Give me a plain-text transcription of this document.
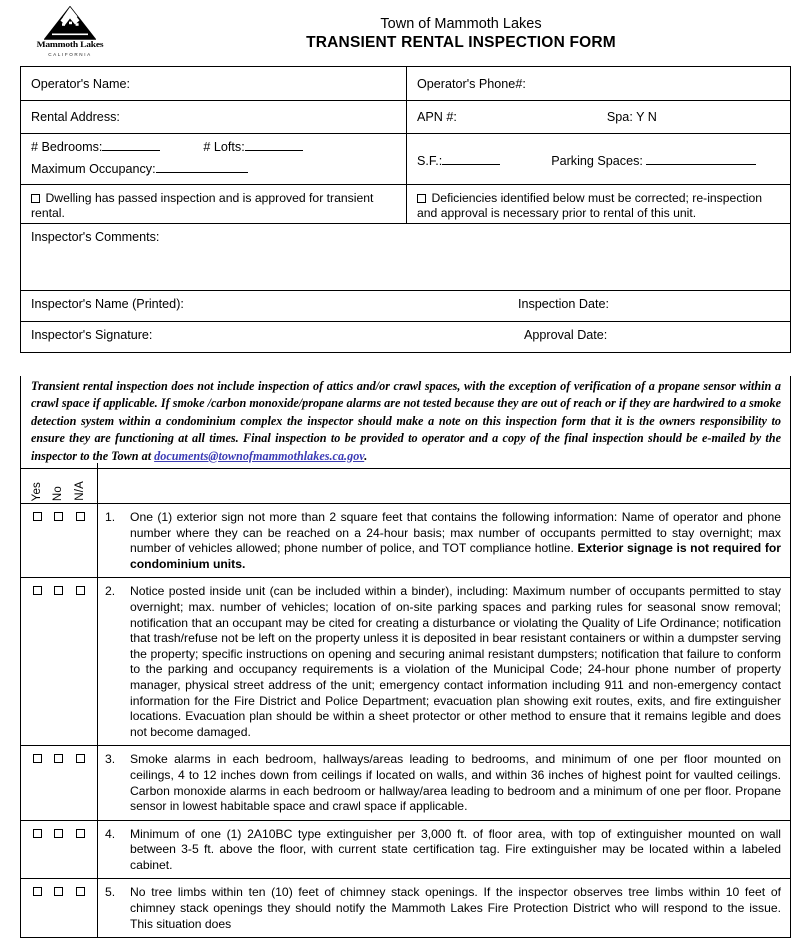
Mammoth Lakes
CALIFORNIA
Town of Mammoth Lakes
TRANSIENT RENTAL INSPECTION FORM
Operator's Name:	Operator's Phone#:
Rental Address:	APN #:	Spa: Y N
# Bedrooms:	# Lofts:
Maximum Occupancy:
S.F.:	Parking Spaces:
Dwelling has passed inspection and is approved for transient rental.
Deficiencies identified below must be corrected; re-inspection and approval is necessary prior to rental of this unit.
Inspector's Comments:
Inspector's Name (Printed):	Inspection Date:
Inspector's Signature:	Approval Date:
Transient rental inspection does not include inspection of attics and/or crawl spaces, with the exception of verification of a propane sensor within a crawl space if applicable. If smoke /carbon monoxide/propane alarms are not tested because they are out of reach or if they are hardwired to a smoke detection system within a condominium complex the inspector should make a note on this inspection form that it is the owners responsibility to ensure they are functioning at all times. Final inspection to be provided to operator and a copy of the final inspection should be e-mailed by the inspector to the Town at documents@townofmammothlakes.ca.gov.
Yes No N/A
1.	One (1) exterior sign not more than 2 square feet that contains the following information: Name of operator and phone number where they can be reached on a 24-hour basis; max number of occupants permitted to stay overnight; max number of vehicles allowed; phone number of police, and TOT compliance hotline. Exterior signage is not required for condominium units.
2.	Notice posted inside unit (can be included within a binder), including: Maximum number of occupants permitted to stay overnight; max. number of vehicles; location of on-site parking spaces and parking rules for seasonal snow removal; notification that an occupant may be cited for creating a disturbance or violating the Quality of Life Ordinance; notification that trash/refuse not be left on the property unless it is deposited in bear resistant containers or within a dumpster serving the property; specific instructions on opening and securing animal resistant dumpsters; notification that failure to conform to the parking and occupancy requirements is a violation of the Municipal Code; 24-hour phone number of property manager, physical street address of the unit; emergency contact information including 911 and non-emergency contact information for the Fire District and Police Department; evacuation plan showing exit routes, exits, and fire extinguisher locations. Evacuation plan should be within a sheet protector or other method to ensure that it remains legible and does not become damaged.
3.	Smoke alarms in each bedroom, hallways/areas leading to bedrooms, and minimum of one per floor mounted on ceilings, 4 to 12 inches down from ceilings if located on walls, and within 36 inches of highest point for vaulted ceilings. Carbon monoxide alarms in each bedroom or hallway/area leading to bedroom and a minimum of one per floor. Propane sensor in lowest habitable space and crawl space if applicable.
4.	Minimum of one (1) 2A10BC type extinguisher per 3,000 ft. of floor area, with top of extinguisher mounted on wall between 3-5 ft. above the floor, with current state certification tag. Fire extinguisher may be located within a labeled cabinet.
5.	No tree limbs within ten (10) feet of chimney stack openings. If the inspector observes tree limbs within 10 feet of chimney stack openings they should notify the Mammoth Lakes Fire Protection District who will respond to the issue. This situation does
